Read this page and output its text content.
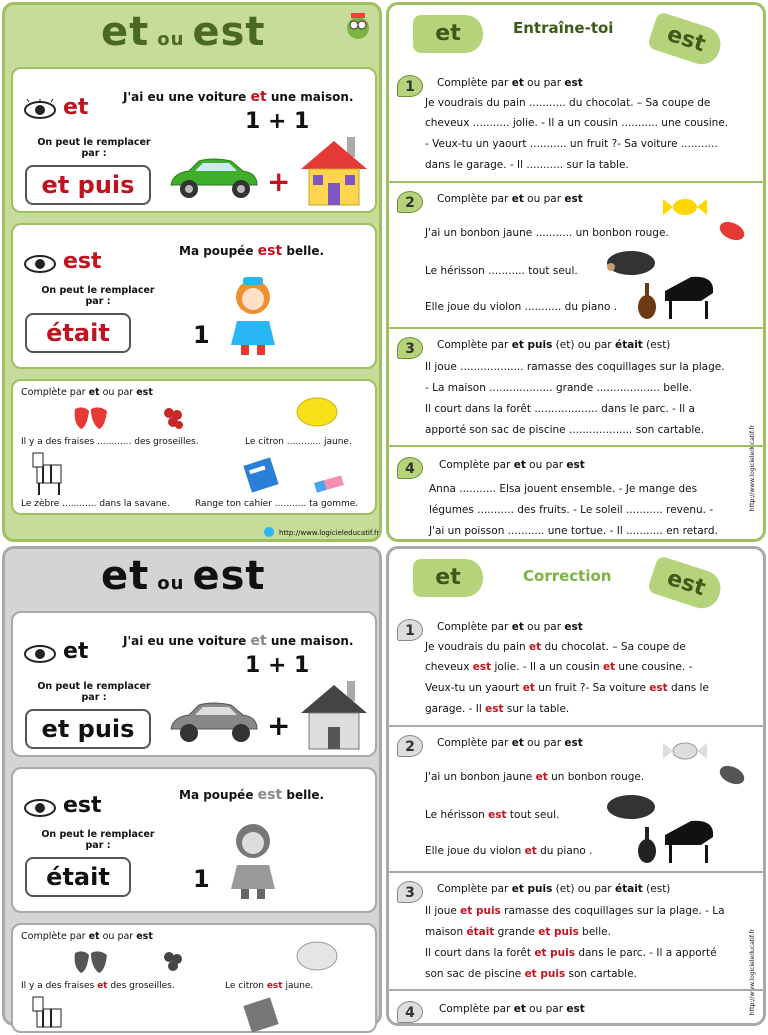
et ou est
et	J'ai eu une voiture et une maison.
1 + 1
On peut le remplacer par :
et puis	+
est	Ma poupée est belle.
On peut le remplacer par :
était	1
Complète par et ou par est
Il y a des fraises ............ des groseilles.	Le citron ............ jaune.
Le zèbre ............ dans la savane.	Range ton cahier ........... ta gomme.
http://www.logicieleducatif.fr
et	Entraîne-toi	est
http://www.logicieleducatif.fr
1	Complète par et ou par est
Je voudrais du pain ........... du chocolat. – Sa coupe de
cheveux ........... jolie. - Il a un cousin ........... une cousine.
- Veux-tu un yaourt ........... un fruit ?- Sa voiture ...........
dans le garage. - Il ........... sur la table.
2	Complète par et ou par est
J'ai un bonbon jaune ........... un bonbon rouge.
Le hérisson ........... tout seul.
Elle joue du violon ........... du piano .
3	Complète par et puis (et) ou par était (est)
Il joue ................... ramasse des coquillages sur la plage.
- La maison ................... grande ................... belle.
Il court dans la forêt ................... dans le parc. - Il a
apporté son sac de piscine ................... son cartable.
4	Complète par et ou par est
Anna ........... Elsa jouent ensemble. - Je mange des
légumes ........... des fruits. - Le soleil ........... revenu. -
J'ai un poisson ........... une tortue. - Il ........... en retard.
et ou est
et	J'ai eu une voiture et une maison.
1 + 1
On peut le remplacer par :
et puis	+
est	Ma poupée est belle.
On peut le remplacer par :
était	1
Complète par et ou par est
Il y a des fraises et des groseilles.	Le citron est jaune.
et	Correction	est
http://www.logicieleducatif.fr
1	Complète par et ou par est
Je voudrais du pain et du chocolat. – Sa coupe de
cheveux est jolie. - Il a un cousin et une cousine. -
Veux-tu un yaourt et un fruit ?- Sa voiture est dans le
garage. - Il est sur la table.
2	Complète par et ou par est
J'ai un bonbon jaune et un bonbon rouge.
Le hérisson est tout seul.
Elle joue du violon et du piano .
3	Complète par et puis (et) ou par était (est)
Il joue et puis ramasse des coquillages sur la plage. - La
maison était grande et puis belle.
Il court dans la forêt et puis dans le parc. - Il a apporté
son sac de piscine et puis son cartable.
4	Complète par et ou par est
